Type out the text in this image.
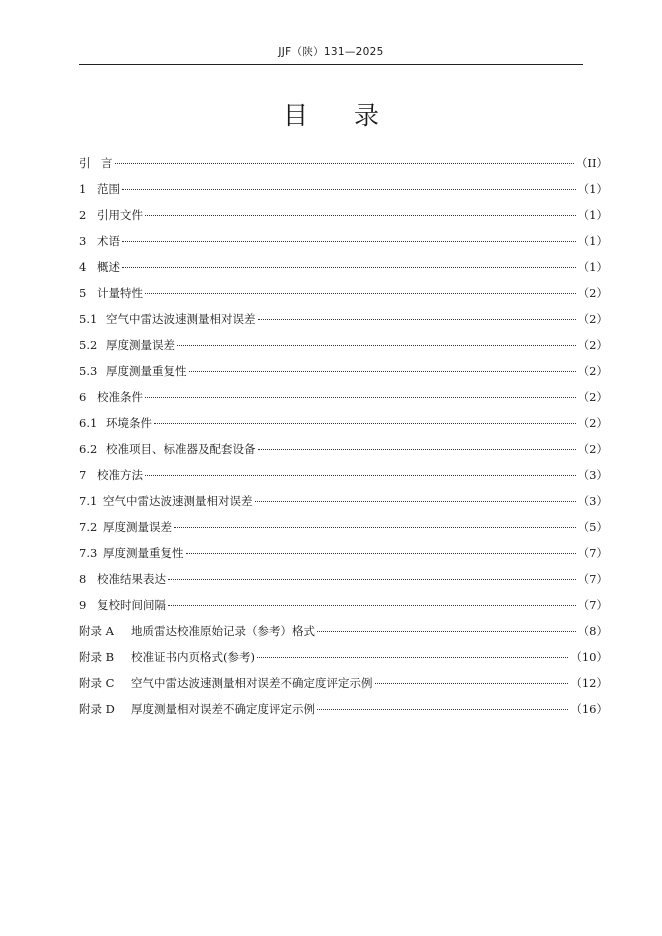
JJF（陕）131—2025
目录
引 言	（II）
1 范围	（1）
2 引用文件	（1）
3 术语	（1）
4 概述	（1）
5 计量特性	（2）
5.1 空气中雷达波速测量相对误差	（2）
5.2 厚度测量误差	（2）
5.3 厚度测量重复性	（2）
6 校准条件	（2）
6.1 环境条件	（2）
6.2 校准项目、标准器及配套设备	（2）
7 校准方法	（3）
7.1 空气中雷达波速测量相对误差	（3）
7.2 厚度测量误差	（5）
7.3 厚度测量重复性	（7）
8 校准结果表达	（7）
9 复校时间间隔	（7）
附录 A	地质雷达校准原始记录（参考）格式	（8）
附录 B	校准证书内页格式(参考)	（10）
附录 C	空气中雷达波速测量相对误差不确定度评定示例	（12）
附录 D	厚度测量相对误差不确定度评定示例	（16）
